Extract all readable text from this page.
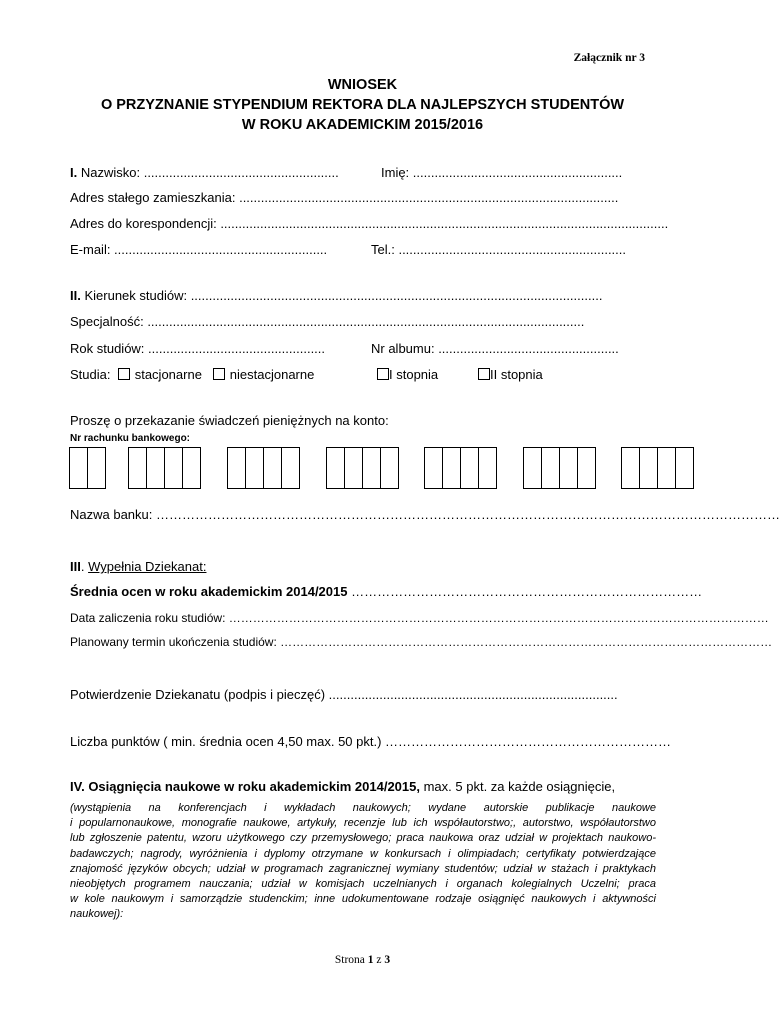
Załącznik nr 3
WNIOSEK
O PRZYZNANIE STYPENDIUM REKTORA DLA NAJLEPSZYCH STUDENTÓW
W ROKU AKADEMICKIM 2015/2016
I. Nazwisko: ......................................................	Imię: ..........................................................
Adres stałego zamieszkania: .........................................................................................................
Adres do korespondencji: ............................................................................................................................
E-mail: ...........................................................	Tel.: ...............................................................
II. Kierunek studiów: ..................................................................................................................
Specjalność: .........................................................................................................................
Rok studiów: .................................................	Nr albumu: ..................................................
Studia: stacjonarne niestacjonarne	I stopnia	II stopnia
Proszę o przekazanie świadczeń pieniężnych na konto:
Nr rachunku bankowego:
Nazwa banku: ………………………………………………………………………………………………………………………………
III. Wypełnia Dziekanat:
Średnia ocen w roku akademickim 2014/2015 ………………………………………………………………………
Data zaliczenia roku studiów: ………………………………………………………………………………………………………………………
Planowany termin ukończenia studiów: ……………………………………………………………………………………………………………
Potwierdzenie Dziekanatu (podpis i pieczęć) ................................................................................
Liczba punktów ( min. średnia ocen 4,50 max. 50 pkt.) …………………………………………………………
IV. Osiągnięcia naukowe w roku akademickim 2014/2015, max. 5 pkt. za każde osiągnięcie,
(wystąpienia na konferencjach i wykładach naukowych; wydane autorskie publikacje naukowe
i popularnonaukowe, monografie naukowe, artykuły, recenzje lub ich współautorstwo;, autorstwo, współautorstwo
lub zgłoszenie patentu, wzoru użytkowego czy przemysłowego; praca naukowa oraz udział w projektach naukowo-
badawczych; nagrody, wyróżnienia i dyplomy otrzymane w konkursach i olimpiadach; certyfikaty potwierdzające
znajomość języków obcych; udział w programach zagranicznej wymiany studentów; udział w stażach i praktykach
nieobjętych programem nauczania; udział w komisjach uczelnianych i organach kolegialnych Uczelni; praca
w kole naukowym i samorządzie studenckim; inne udokumentowane rodzaje osiągnięć naukowych i aktywności
naukowej):
Strona 1 z 3
